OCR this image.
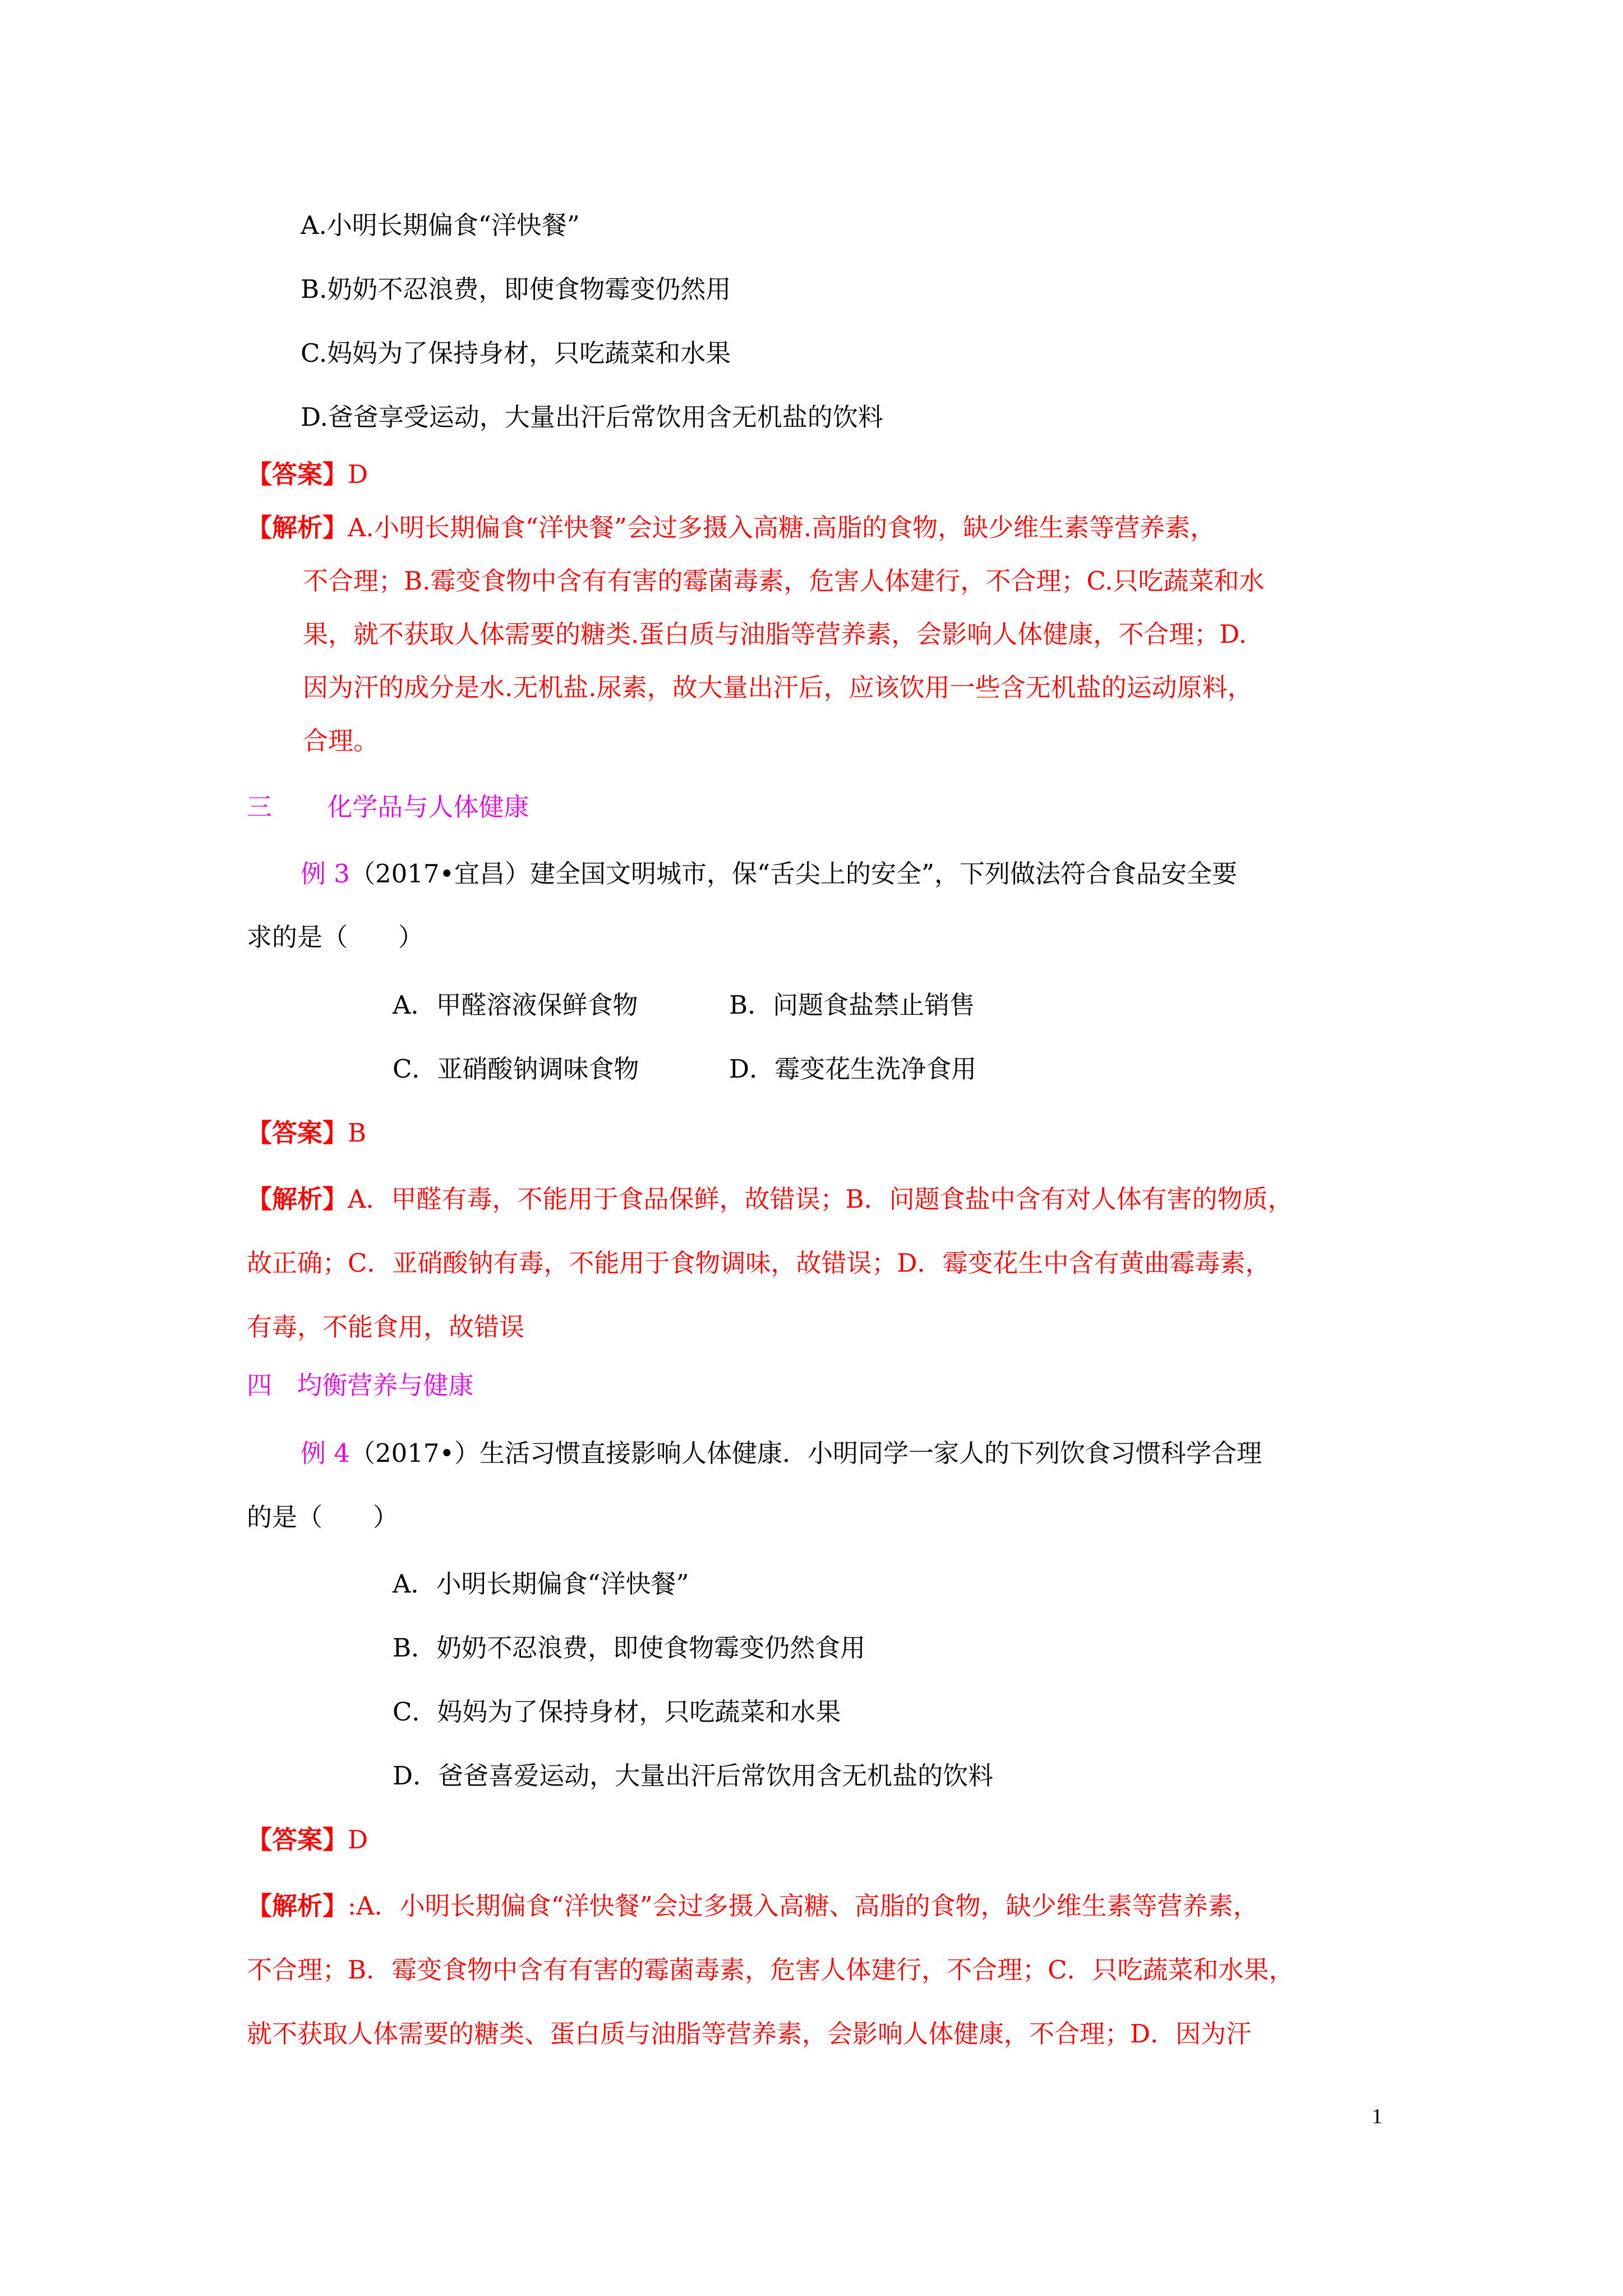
A.小明长期偏食“洋快餐”
B.奶奶不忍浪费，即使食物霉变仍然用
C.妈妈为了保持身材，只吃蔬菜和水果
D.爸爸享受运动，大量出汗后常饮用含无机盐的饮料
【答案】D
【解析】A.小明长期偏食“洋快餐”会过多摄入高糖.高脂的食物，缺少维生素等营养素，
不合理；B.霉变食物中含有有害的霉菌毒素，危害人体建行，不合理；C.只吃蔬菜和水
果，就不获取人体需要的糖类.蛋白质与油脂等营养素，会影响人体健康，不合理；D.
因为汗的成分是水.无机盐.尿素，故大量出汗后，应该饮用一些含无机盐的运动原料，
合理。
三 化学品与人体健康
例 3（2017•宜昌）建全国文明城市，保“舌尖上的安全”，下列做法符合食品安全要
求的是（　　）
A．甲醛溶液保鲜食物	B．问题食盐禁止销售
C．亚硝酸钠调味食物	D．霉变花生洗净食用
【答案】B
【解析】A．甲醛有毒，不能用于食品保鲜，故错误；B．问题食盐中含有对人体有害的物质，
故正确；C．亚硝酸钠有毒，不能用于食物调味，故错误；D．霉变花生中含有黄曲霉毒素，
有毒，不能食用，故错误
四 均衡营养与健康
例 4（2017•）生活习惯直接影响人体健康．小明同学一家人的下列饮食习惯科学合理
的是（　　）
A．小明长期偏食“洋快餐”
B．奶奶不忍浪费，即使食物霉变仍然食用
C．妈妈为了保持身材，只吃蔬菜和水果
D．爸爸喜爱运动，大量出汗后常饮用含无机盐的饮料
【答案】D
【解析】:A．小明长期偏食“洋快餐”会过多摄入高糖、高脂的食物，缺少维生素等营养素，
不合理；B．霉变食物中含有有害的霉菌毒素，危害人体建行，不合理；C．只吃蔬菜和水果，
就不获取人体需要的糖类、蛋白质与油脂等营养素，会影响人体健康，不合理；D．因为汗
1
